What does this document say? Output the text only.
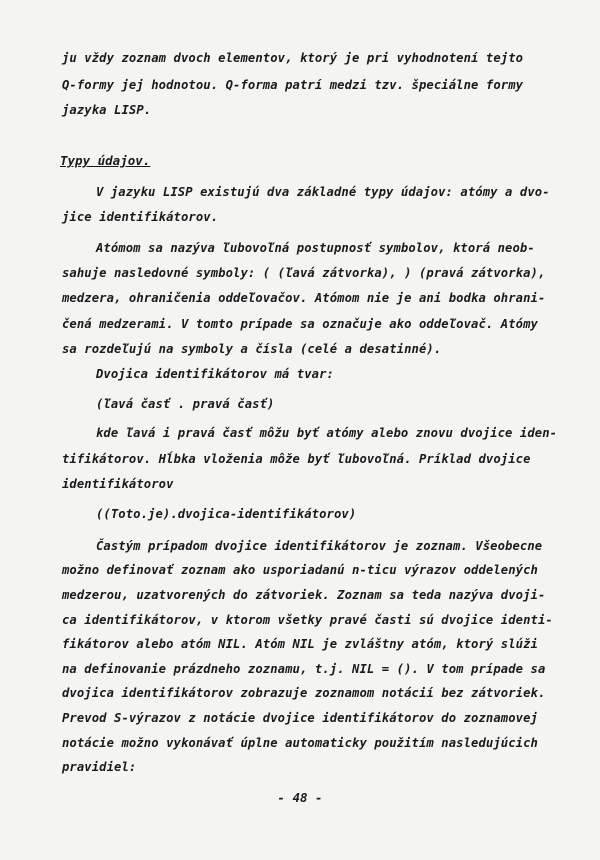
ju vždy zoznam dvoch elementov, ktorý je pri vyhodnotení tejto
Q-formy jej hodnotou. Q-forma patrí medzi tzv. špeciálne formy
jazyka LISP.
Typy údajov.
V jazyku LISP existujú dva základné typy údajov: atómy a dvo-
jice identifikátorov.
Atómom sa nazýva ľubovoľná postupnosť symbolov, ktorá neob-
sahuje nasledovné symboly: ( (ľavá zátvorka), ) (pravá zátvorka),
medzera, ohraničenia oddeľovačov. Atómom nie je ani bodka ohrani-
čená medzerami. V tomto prípade sa označuje ako oddeľovač. Atómy
sa rozdeľujú na symboly a čísla (celé a desatinné).
Dvojica identifikátorov má tvar:
(ľavá časť . pravá časť)
kde ľavá i pravá časť môžu byť atómy alebo znovu dvojice iden-
tifikátorov. Hĺbka vloženia môže byť ľubovoľná. Príklad dvojice
identifikátorov
((Toto.je).dvojica-identifikátorov)
Častým prípadom dvojice identifikátorov je zoznam. Všeobecne
možno definovať zoznam ako usporiadanú n-ticu výrazov oddelených
medzerou, uzatvorených do zátvoriek. Zoznam sa teda nazýva dvoji-
ca identifikátorov, v ktorom všetky pravé časti sú dvojice identi-
fikátorov alebo atóm NIL. Atóm NIL je zvláštny atóm, ktorý slúži
na definovanie prázdneho zoznamu, t.j. NIL = (). V tom prípade sa
dvojica identifikátorov zobrazuje zoznamom notácií bez zátvoriek.
Prevod S-výrazov z notácie dvojice identifikátorov do zoznamovej
notácie možno vykonávať úplne automaticky použitím nasledujúcich
pravidiel:
- 48 -
